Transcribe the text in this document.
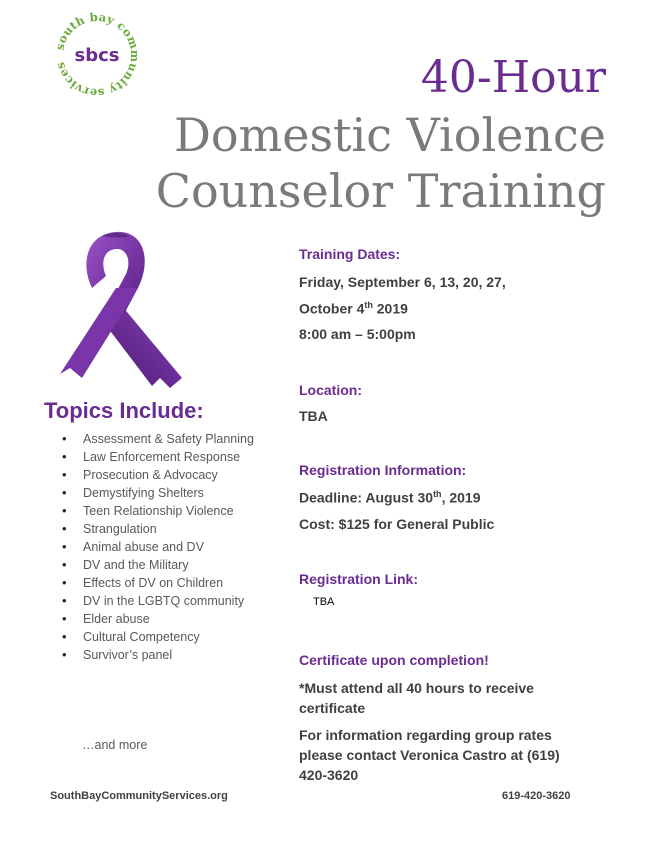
south bay community services sbcs	40-Hour
Domestic Violence
Counselor Training
Topics Include:
• Assessment & Safety Planning
• Law Enforcement Response
• Prosecution & Advocacy
• Demystifying Shelters
• Teen Relationship Violence
• Strangulation
• Animal abuse and DV
• DV and the Military
• Effects of DV on Children
• DV in the LGBTQ community
• Elder abuse
• Cultural Competency
• Survivor’s panel
…and more
Training Dates:
Friday, September 6, 13, 20, 27,
October 4th 2019
8:00 am – 5:00pm
Location:
TBA
Registration Information:
Deadline: August 30th, 2019
Cost: $125 for General Public
Registration Link:
TBA
Certificate upon completion!
*Must attend all 40 hours to receive certificate
For information regarding group rates please contact Veronica Castro at (619) 420-3620
SouthBayCommunityServices.org	619-420-3620
